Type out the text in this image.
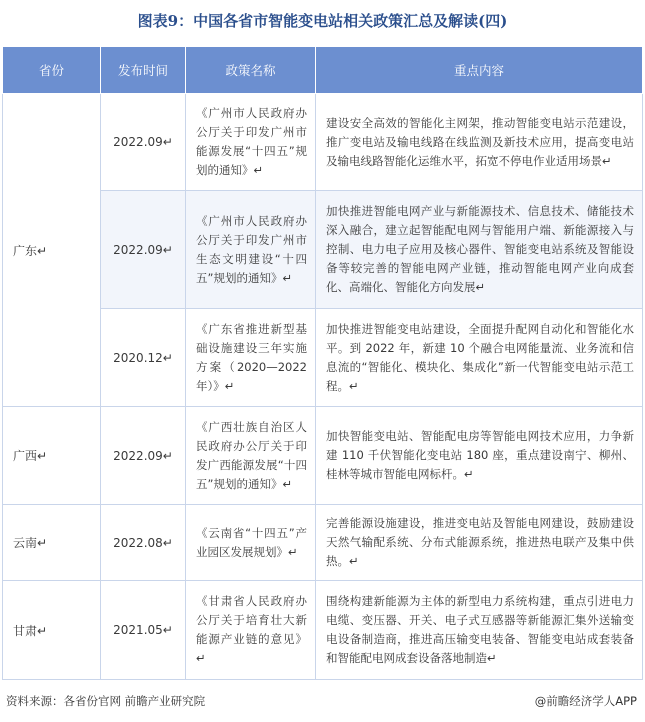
图表9：中国各省市智能变电站相关政策汇总及解读(四)
省份	发布时间	政策名称	重点内容
广东↵	2022.09↵	《广州市人民政府办公厅关于印发广州市能源发展“十四五”规划的通知》↵	建设安全高效的智能化主网架，推动智能变电站示范建设，推广变电站及输电线路在线监测及新技术应用，提高变电站及输电线路智能化运维水平，拓宽不停电作业适用场景↵
	2022.09↵	《广州市人民政府办公厅关于印发广州市生态文明建设“十四五”规划的通知》↵	加快推进智能电网产业与新能源技术、信息技术、储能技术深入融合，建立起智能配电网与智能用户端、新能源接入与控制、电力电子应用及核心器件、智能变电站系统及智能设备等较完善的智能电网产业链，推动智能电网产业向成套化、高端化、智能化方向发展↵
	2020.12↵	《广东省推进新型基础设施建设三年实施方案（2020—2022年）》↵	加快推进智能变电站建设，全面提升配网自动化和智能化水平。到 2022 年，新建 10 个融合电网能量流、业务流和信息流的“智能化、模块化、集成化”新一代智能变电站示范工程。↵
广西↵	2022.09↵	《广西壮族自治区人民政府办公厅关于印发广西能源发展“十四五”规划的通知》↵	加快智能变电站、智能配电房等智能电网技术应用，力争新建 110 千伏智能化变电站 180 座，重点建设南宁、柳州、桂林等城市智能电网标杆。↵
云南↵	2022.08↵	《云南省“十四五”产业园区发展规划》↵	完善能源设施建设，推进变电站及智能电网建设，鼓励建设天然气输配系统、分布式能源系统，推进热电联产及集中供热。↵
甘肃↵	2021.05↵	《甘肃省人民政府办公厅关于培育壮大新能源产业链的意见》↵	围绕构建新能源为主体的新型电力系统构建，重点引进电力电缆、变压器、开关、电子式互感器等新能源汇集外送输变电设备制造商，推进高压输变电装备、智能变电站成套装备和智能配电网成套设备落地制造↵
资料来源：各省份官网 前瞻产业研究院	@前瞻经济学人APP
